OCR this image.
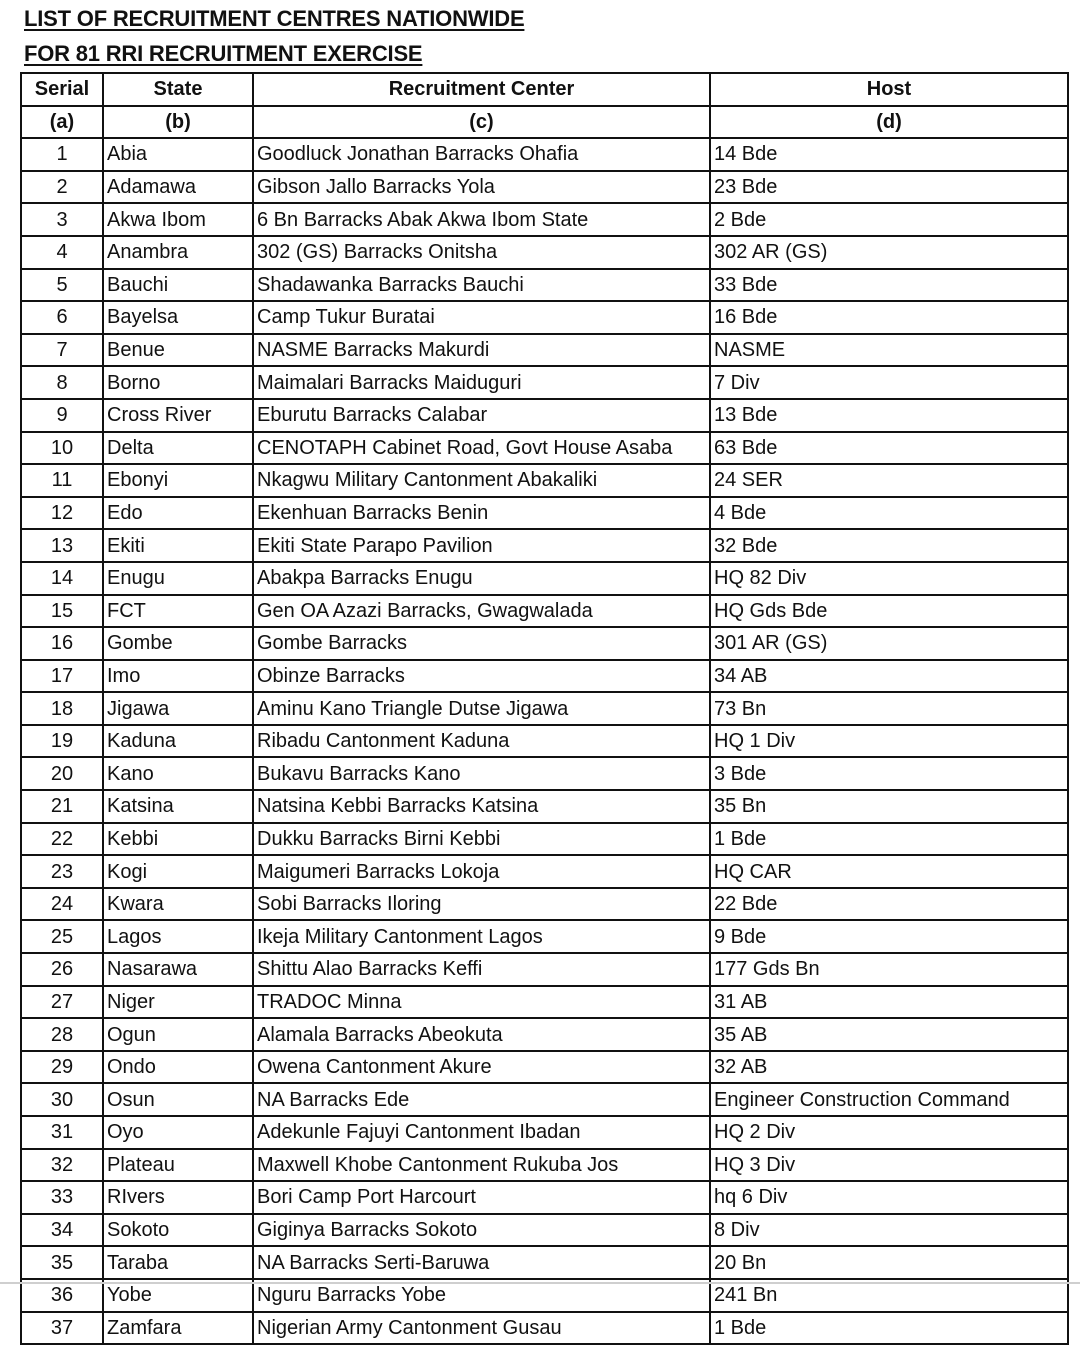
LIST OF RECRUITMENT CENTRES NATIONWIDE
FOR 81 RRI RECRUITMENT EXERCISE
Serial	State	Recruitment Center	Host
(a)	(b)	(c)	(d)
1	Abia	Goodluck Jonathan Barracks Ohafia	14 Bde
2	Adamawa	Gibson Jallo Barracks Yola	23 Bde
3	Akwa Ibom	6 Bn Barracks Abak Akwa Ibom State	2 Bde
4	Anambra	302 (GS) Barracks Onitsha	302 AR (GS)
5	Bauchi	Shadawanka Barracks Bauchi	33 Bde
6	Bayelsa	Camp Tukur Buratai	16 Bde
7	Benue	NASME Barracks Makurdi	NASME
8	Borno	Maimalari Barracks Maiduguri	7 Div
9	Cross River	Eburutu Barracks Calabar	13 Bde
10	Delta	CENOTAPH Cabinet Road, Govt House Asaba	63 Bde
11	Ebonyi	Nkagwu Military Cantonment Abakaliki	24 SER
12	Edo	Ekenhuan Barracks Benin	4 Bde
13	Ekiti	Ekiti State Parapo Pavilion	32 Bde
14	Enugu	Abakpa Barracks Enugu	HQ 82 Div
15	FCT	Gen OA Azazi Barracks, Gwagwalada	HQ Gds Bde
16	Gombe	Gombe Barracks	301 AR (GS)
17	Imo	Obinze Barracks	34 AB
18	Jigawa	Aminu Kano Triangle Dutse Jigawa	73 Bn
19	Kaduna	Ribadu Cantonment Kaduna	HQ 1 Div
20	Kano	Bukavu Barracks Kano	3 Bde
21	Katsina	Natsina Kebbi Barracks Katsina	35 Bn
22	Kebbi	Dukku Barracks Birni Kebbi	1 Bde
23	Kogi	Maigumeri Barracks Lokoja	HQ CAR
24	Kwara	Sobi Barracks Iloring	22 Bde
25	Lagos	Ikeja Military Cantonment Lagos	9 Bde
26	Nasarawa	Shittu Alao Barracks Keffi	177 Gds Bn
27	Niger	TRADOC Minna	31 AB
28	Ogun	Alamala Barracks Abeokuta	35 AB
29	Ondo	Owena Cantonment Akure	32 AB
30	Osun	NA Barracks Ede	Engineer Construction Command
31	Oyo	Adekunle Fajuyi Cantonment Ibadan	HQ 2 Div
32	Plateau	Maxwell Khobe Cantonment Rukuba Jos	HQ 3 Div
33	RIvers	Bori Camp Port Harcourt	hq 6 Div
34	Sokoto	Giginya Barracks Sokoto	8 Div
35	Taraba	NA Barracks Serti-Baruwa	20 Bn
36	Yobe	Nguru Barracks Yobe	241 Bn
37	Zamfara	Nigerian Army Cantonment Gusau	1 Bde
